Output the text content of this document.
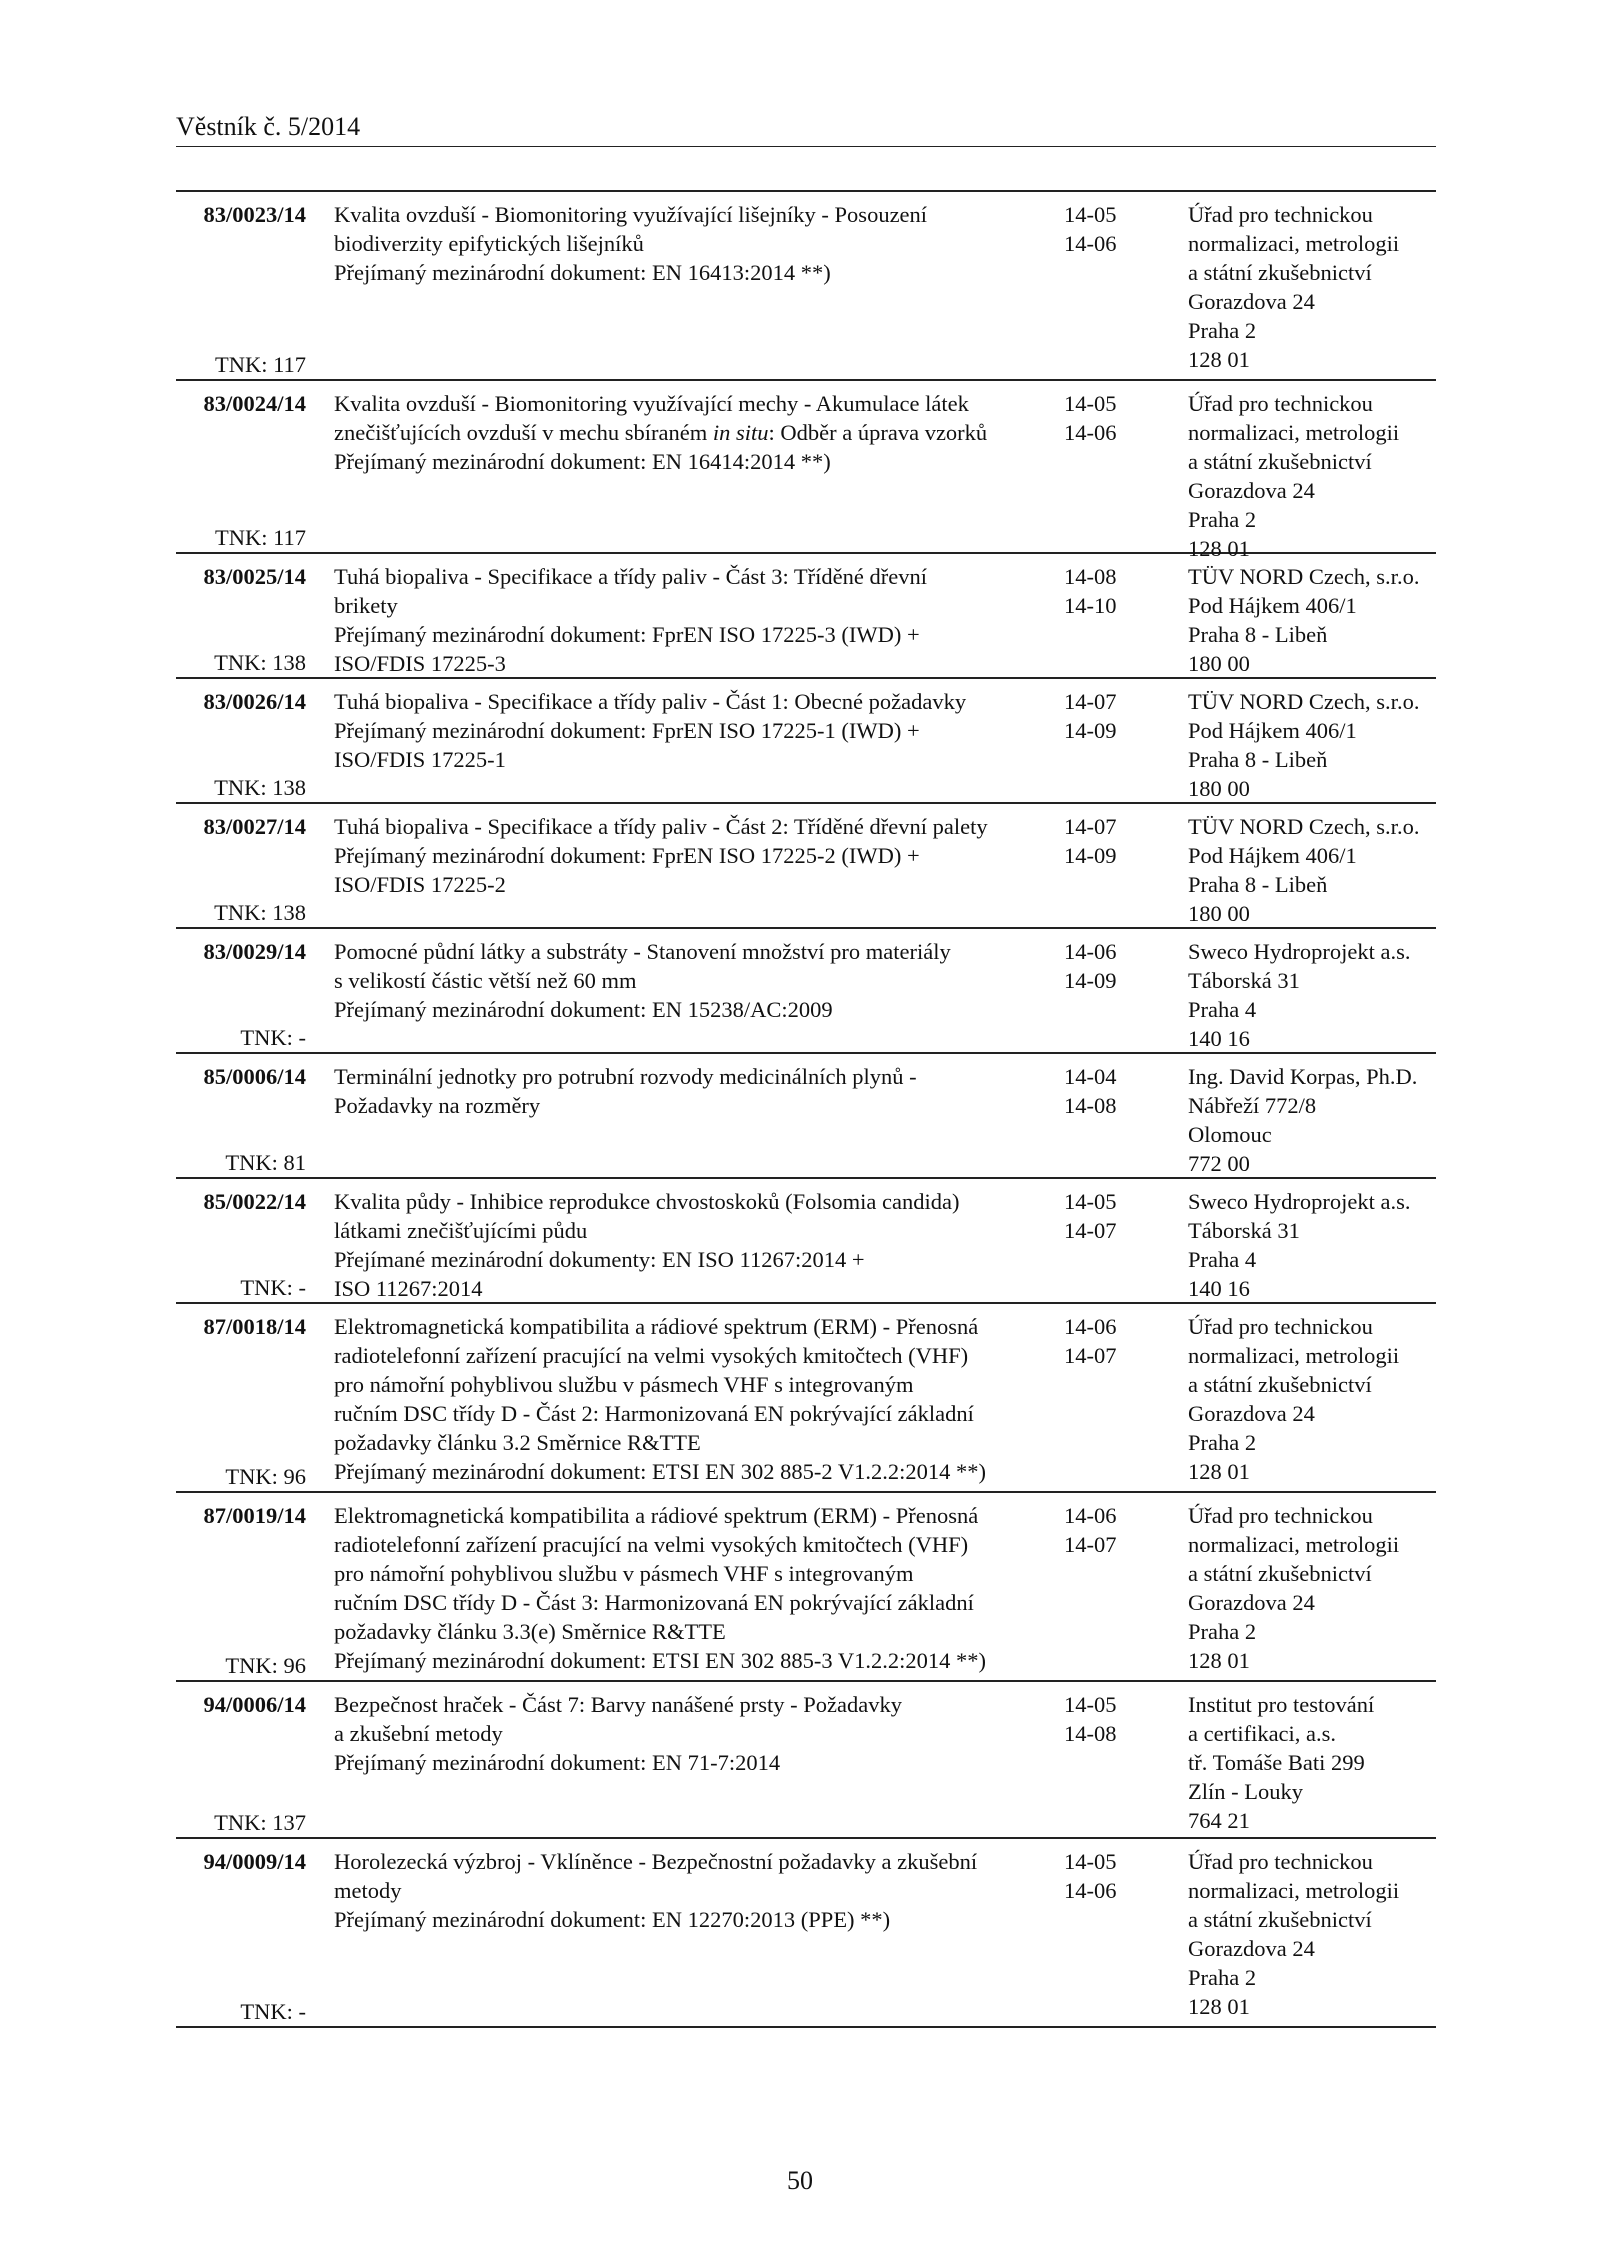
Věstník č. 5/2014
83/0023/14
TNK: 117
Kvalita ovzduší - Biomonitoring využívající lišejníky - Posouzení
biodiverzity epifytických lišejníků
Přejímaný mezinárodní dokument: EN 16413:2014 **)
14-05
14-06
Úřad pro technickou
normalizaci, metrologii
a státní zkušebnictví
Gorazdova 24
Praha 2
128 01
83/0024/14
TNK: 117
Kvalita ovzduší - Biomonitoring využívající mechy - Akumulace látek
znečišťujících ovzduší v mechu sbíraném in situ: Odběr a úprava vzorků
Přejímaný mezinárodní dokument: EN 16414:2014 **)
14-05
14-06
Úřad pro technickou
normalizaci, metrologii
a státní zkušebnictví
Gorazdova 24
Praha 2
128 01
83/0025/14
TNK: 138
Tuhá biopaliva - Specifikace a třídy paliv - Část 3: Tříděné dřevní
brikety
Přejímaný mezinárodní dokument: FprEN ISO 17225-3 (IWD) +
ISO/FDIS 17225-3
14-08
14-10
TÜV NORD Czech, s.r.o.
Pod Hájkem 406/1
Praha 8 - Libeň
180 00
83/0026/14
TNK: 138
Tuhá biopaliva - Specifikace a třídy paliv - Část 1: Obecné požadavky
Přejímaný mezinárodní dokument: FprEN ISO 17225-1 (IWD) +
ISO/FDIS 17225-1
14-07
14-09
TÜV NORD Czech, s.r.o.
Pod Hájkem 406/1
Praha 8 - Libeň
180 00
83/0027/14
TNK: 138
Tuhá biopaliva - Specifikace a třídy paliv - Část 2: Tříděné dřevní palety
Přejímaný mezinárodní dokument: FprEN ISO 17225-2 (IWD) +
ISO/FDIS 17225-2
14-07
14-09
TÜV NORD Czech, s.r.o.
Pod Hájkem 406/1
Praha 8 - Libeň
180 00
83/0029/14
TNK: -
Pomocné půdní látky a substráty - Stanovení množství pro materiály
s velikostí částic větší než 60 mm
Přejímaný mezinárodní dokument: EN 15238/AC:2009
14-06
14-09
Sweco Hydroprojekt a.s.
Táborská 31
Praha 4
140 16
85/0006/14
TNK: 81
Terminální jednotky pro potrubní rozvody medicinálních plynů -
Požadavky na rozměry
14-04
14-08
Ing. David Korpas, Ph.D.
Nábřeží 772/8
Olomouc
772 00
85/0022/14
TNK: -
Kvalita půdy - Inhibice reprodukce chvostoskoků (Folsomia candida)
látkami znečišťujícími půdu
Přejímané mezinárodní dokumenty: EN ISO 11267:2014 +
ISO 11267:2014
14-05
14-07
Sweco Hydroprojekt a.s.
Táborská 31
Praha 4
140 16
87/0018/14
TNK: 96
Elektromagnetická kompatibilita a rádiové spektrum (ERM) - Přenosná
radiotelefonní zařízení pracující na velmi vysokých kmitočtech (VHF)
pro námořní pohyblivou službu v pásmech VHF s integrovaným
ručním DSC třídy D - Část 2: Harmonizovaná EN pokrývající základní
požadavky článku 3.2 Směrnice R&TTE
Přejímaný mezinárodní dokument: ETSI EN 302 885-2 V1.2.2:2014 **)
14-06
14-07
Úřad pro technickou
normalizaci, metrologii
a státní zkušebnictví
Gorazdova 24
Praha 2
128 01
87/0019/14
TNK: 96
Elektromagnetická kompatibilita a rádiové spektrum (ERM) - Přenosná
radiotelefonní zařízení pracující na velmi vysokých kmitočtech (VHF)
pro námořní pohyblivou službu v pásmech VHF s integrovaným
ručním DSC třídy D - Část 3: Harmonizovaná EN pokrývající základní
požadavky článku 3.3(e) Směrnice R&TTE
Přejímaný mezinárodní dokument: ETSI EN 302 885-3 V1.2.2:2014 **)
14-06
14-07
Úřad pro technickou
normalizaci, metrologii
a státní zkušebnictví
Gorazdova 24
Praha 2
128 01
94/0006/14
TNK: 137
Bezpečnost hraček - Část 7: Barvy nanášené prsty - Požadavky
a zkušební metody
Přejímaný mezinárodní dokument: EN 71-7:2014
14-05
14-08
Institut pro testování
a certifikaci, a.s.
tř. Tomáše Bati 299
Zlín - Louky
764 21
94/0009/14
TNK: -
Horolezecká výzbroj - Vklíněnce - Bezpečnostní požadavky a zkušební
metody
Přejímaný mezinárodní dokument: EN 12270:2013 (PPE) **)
14-05
14-06
Úřad pro technickou
normalizaci, metrologii
a státní zkušebnictví
Gorazdova 24
Praha 2
128 01
50
